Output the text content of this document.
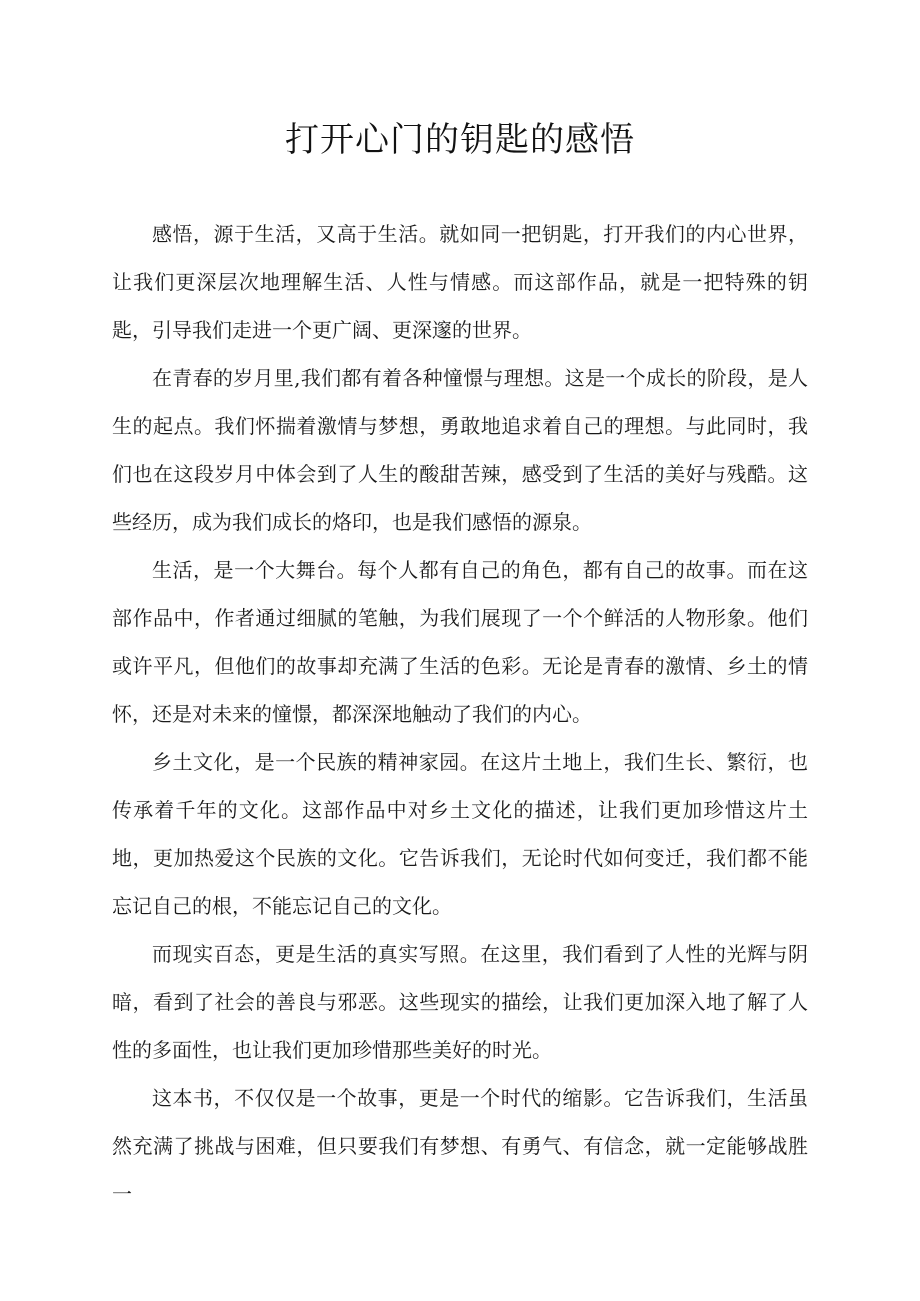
打开心门的钥匙的感悟

感悟，源于生活，又高于生活。就如同一把钥匙，打开我们的内心世界，让我们更深层次地理解生活、人性与情感。而这部作品，就是一把特殊的钥匙，引导我们走进一个更广阔、更深邃的世界。

在青春的岁月里,我们都有着各种憧憬与理想。这是一个成长的阶段，是人生的起点。我们怀揣着激情与梦想，勇敢地追求着自己的理想。与此同时，我们也在这段岁月中体会到了人生的酸甜苦辣，感受到了生活的美好与残酷。这些经历，成为我们成长的烙印，也是我们感悟的源泉。

生活，是一个大舞台。每个人都有自己的角色，都有自己的故事。而在这部作品中，作者通过细腻的笔触，为我们展现了一个个鲜活的人物形象。他们或许平凡，但他们的故事却充满了生活的色彩。无论是青春的激情、乡土的情怀，还是对未来的憧憬，都深深地触动了我们的内心。

乡土文化，是一个民族的精神家园。在这片土地上，我们生长、繁衍，也传承着千年的文化。这部作品中对乡土文化的描述，让我们更加珍惜这片土地，更加热爱这个民族的文化。它告诉我们，无论时代如何变迁，我们都不能忘记自己的根，不能忘记自己的文化。

而现实百态，更是生活的真实写照。在这里，我们看到了人性的光辉与阴暗，看到了社会的善良与邪恶。这些现实的描绘，让我们更加深入地了解了人性的多面性，也让我们更加珍惜那些美好的时光。

这本书，不仅仅是一个故事，更是一个时代的缩影。它告诉我们，生活虽然充满了挑战与困难，但只要我们有梦想、有勇气、有信念，就一定能够战胜一
